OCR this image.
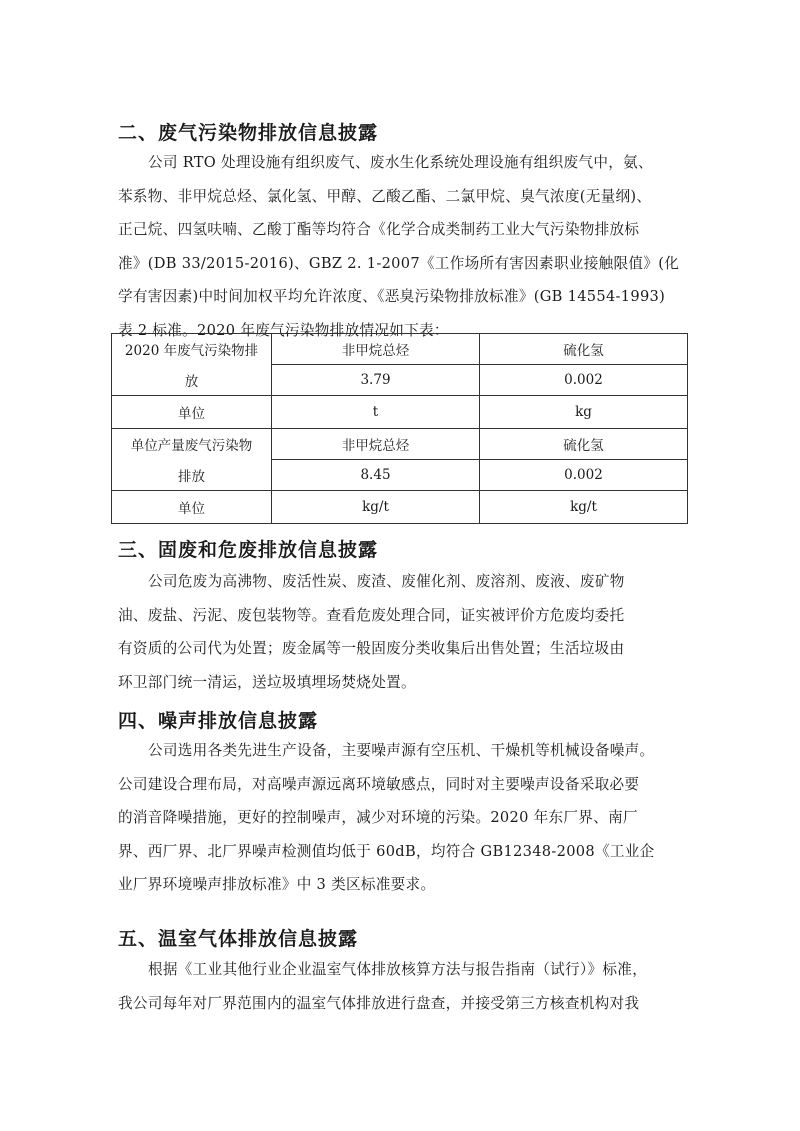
二、废气污染物排放信息披露

公司 RTO 处理设施有组织废气、废水生化系统处理设施有组织废气中，氨、
苯系物、非甲烷总烃、氯化氢、甲醇、乙酸乙酯、二氯甲烷、臭气浓度(无量纲)、
正己烷、四氢呋喃、乙酸丁酯等均符合《化学合成类制药工业大气污染物排放标
准》(DB 33/2015-2016)、GBZ 2. 1-2007《工作场所有害因素职业接触限值》(化
学有害因素)中时间加权平均允许浓度、《恶臭污染物排放标准》(GB 14554-1993)
表 2 标准。2020 年废气污染物排放情况如下表：

2020 年废气污染物排	非甲烷总烃	硫化氢
放	3.79	0.002
单位	t	kg
单位产量废气污染物	非甲烷总烃	硫化氢
排放	8.45	0.002
单位	kg/t	kg/t
三、固废和危废排放信息披露

公司危废为高沸物、废活性炭、废渣、废催化剂、废溶剂、废液、废矿物
油、废盐、污泥、废包装物等。查看危废处理合同，证实被评价方危废均委托
有资质的公司代为处置；废金属等一般固废分类收集后出售处置；生活垃圾由
环卫部门统一清运，送垃圾填埋场焚烧处置。

四、噪声排放信息披露

公司选用各类先进生产设备，主要噪声源有空压机、干燥机等机械设备噪声。
公司建设合理布局，对高噪声源远离环境敏感点，同时对主要噪声设备采取必要
的消音降噪措施，更好的控制噪声，减少对环境的污染。2020 年东厂界、南厂
界、西厂界、北厂界噪声检测值均低于 60dB，均符合 GB12348-2008《工业企
业厂界环境噪声排放标准》中 3 类区标准要求。

五、温室气体排放信息披露

根据《工业其他行业企业温室气体排放核算方法与报告指南（试行）》标准，
我公司每年对厂界范围内的温室气体排放进行盘查，并接受第三方核查机构对我
